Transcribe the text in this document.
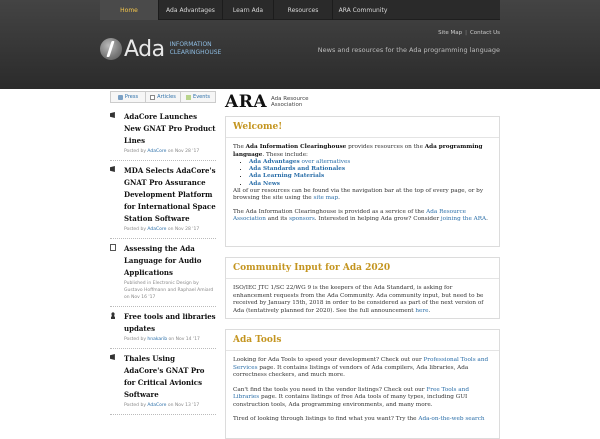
Home	Ada Advantages	Learn Ada	Resources	ARA Community
Site Map | Contact Us
Ada INFORMATION
CLEARINGHOUSE	News and resources for the Ada programming language
Press	Articles	Events
AdaCore Launches New GNAT Pro Product Lines
Posted by AdaCore on Nov 28 '17
MDA Selects AdaCore's GNAT Pro Assurance Development Platform for International Space Station Software
Posted by AdaCore on Nov 28 '17
Assessing the Ada Language for Audio Applications
Published in Electronic Design by Gustavo Hoffmann and Raphael Amiard on Nov 16 '17
Free tools and libraries updates
Posted by hnakarib on Nov 14 '17
Thales Using AdaCore's GNAT Pro for Critical Avionics Software
Posted by AdaCore on Nov 13 '17
ARA Ada Resource
Association
Welcome!

The Ada Information Clearinghouse provides resources on the Ada programming language. These include:

▪ Ada Advantages over alternatives
▪ Ada Standards and Rationales
▪ Ada Learning Materials
▪ Ada News

All of our resources can be found via the navigation bar at the top of every page, or by browsing the site using the site map.

The Ada Information Clearinghouse is provided as a service of the Ada Resource Association and its sponsors. Interested in helping Ada grow? Consider joining the ARA.

Community Input for Ada 2020

ISO/IEC JTC 1/SC 22/WG 9 is the keepers of the Ada Standard, is asking for enhancement requests from the Ada Community. Ada community input, but need to be received by January 15th, 2018 in order to be considered as part of the next version of Ada (tentatively planned for 2020). See the full announcement here.

Ada Tools

Looking for Ada Tools to speed your development? Check out our Professional Tools and Services page. It contains listings of vendors of Ada compilers, Ada libraries, Ada correctness checkers, and much more.

Can't find the tools you need in the vendor listings? Check out our Free Tools and Libraries page. It contains listings of free Ada tools of many types, including GUI construction tools, Ada programming environments, and many more.

Tired of looking through listings to find what you want? Try the Ada-on-the-web search
